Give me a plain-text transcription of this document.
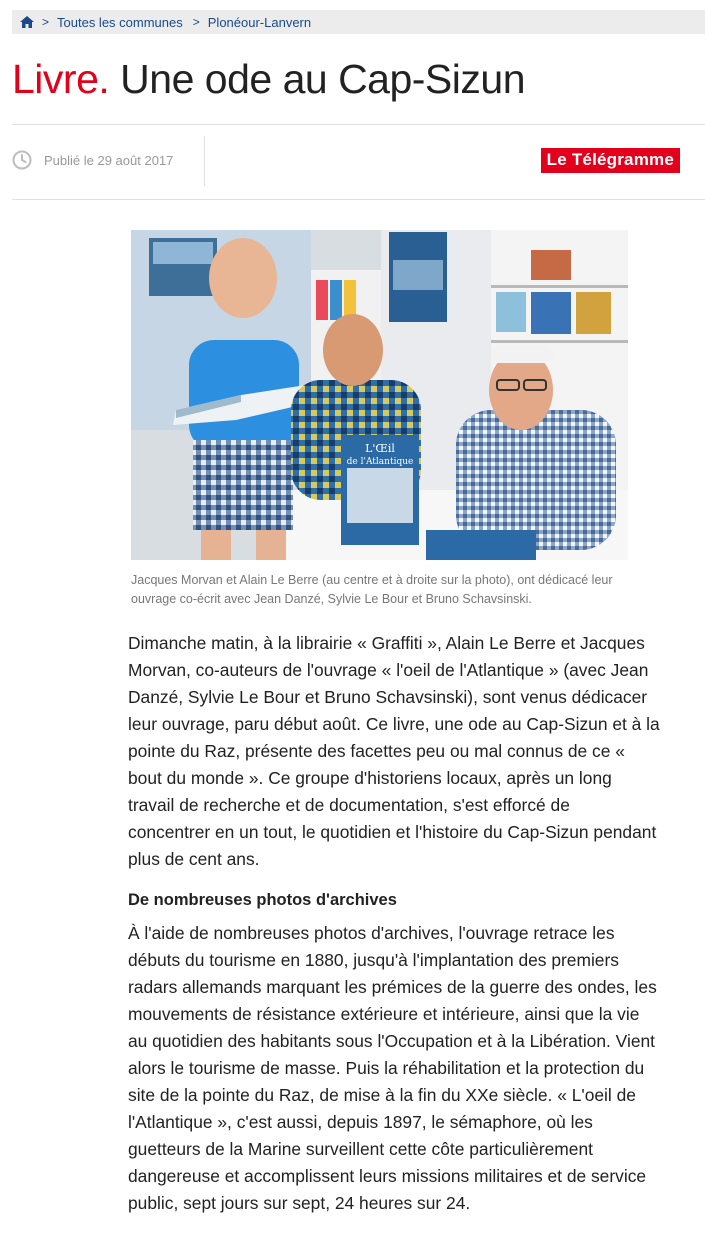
> Toutes les communes > Plonéour-Lanvern
Livre. Une ode au Cap-Sizun
Publié le 29 août 2017	Le Télégramme
L'Œil
de l'Atlantique

Jacques Morvan et Alain Le Berre (au centre et à droite sur la photo), ont dédicacé leur ouvrage co-écrit avec Jean Danzé, Sylvie Le Bour et Bruno Schavsinski.

Dimanche matin, à la librairie « Graffiti », Alain Le Berre et Jacques
Morvan, co-auteurs de l'ouvrage « l'oeil de l'Atlantique » (avec Jean
Danzé, Sylvie Le Bour et Bruno Schavsinski), sont venus dédicacer
leur ouvrage, paru début août. Ce livre, une ode au Cap-Sizun et à la
pointe du Raz, présente des facettes peu ou mal connus de ce «
bout du monde ». Ce groupe d'historiens locaux, après un long
travail de recherche et de documentation, s'est efforcé de
concentrer en un tout, le quotidien et l'histoire du Cap-Sizun pendant
plus de cent ans.
De nombreuses photos d'archives
À l'aide de nombreuses photos d'archives, l'ouvrage retrace les
débuts du tourisme en 1880, jusqu'à l'implantation des premiers
radars allemands marquant les prémices de la guerre des ondes, les
mouvements de résistance extérieure et intérieure, ainsi que la vie
au quotidien des habitants sous l'Occupation et à la Libération. Vient
alors le tourisme de masse. Puis la réhabilitation et la protection du
site de la pointe du Raz, de mise à la fin du XXe siècle. « L'oeil de
l'Atlantique », c'est aussi, depuis 1897, le sémaphore, où les
guetteurs de la Marine surveillent cette côte particulièrement
dangereuse et accomplissent leurs missions militaires et de service
public, sept jours sur sept, 24 heures sur 24.
